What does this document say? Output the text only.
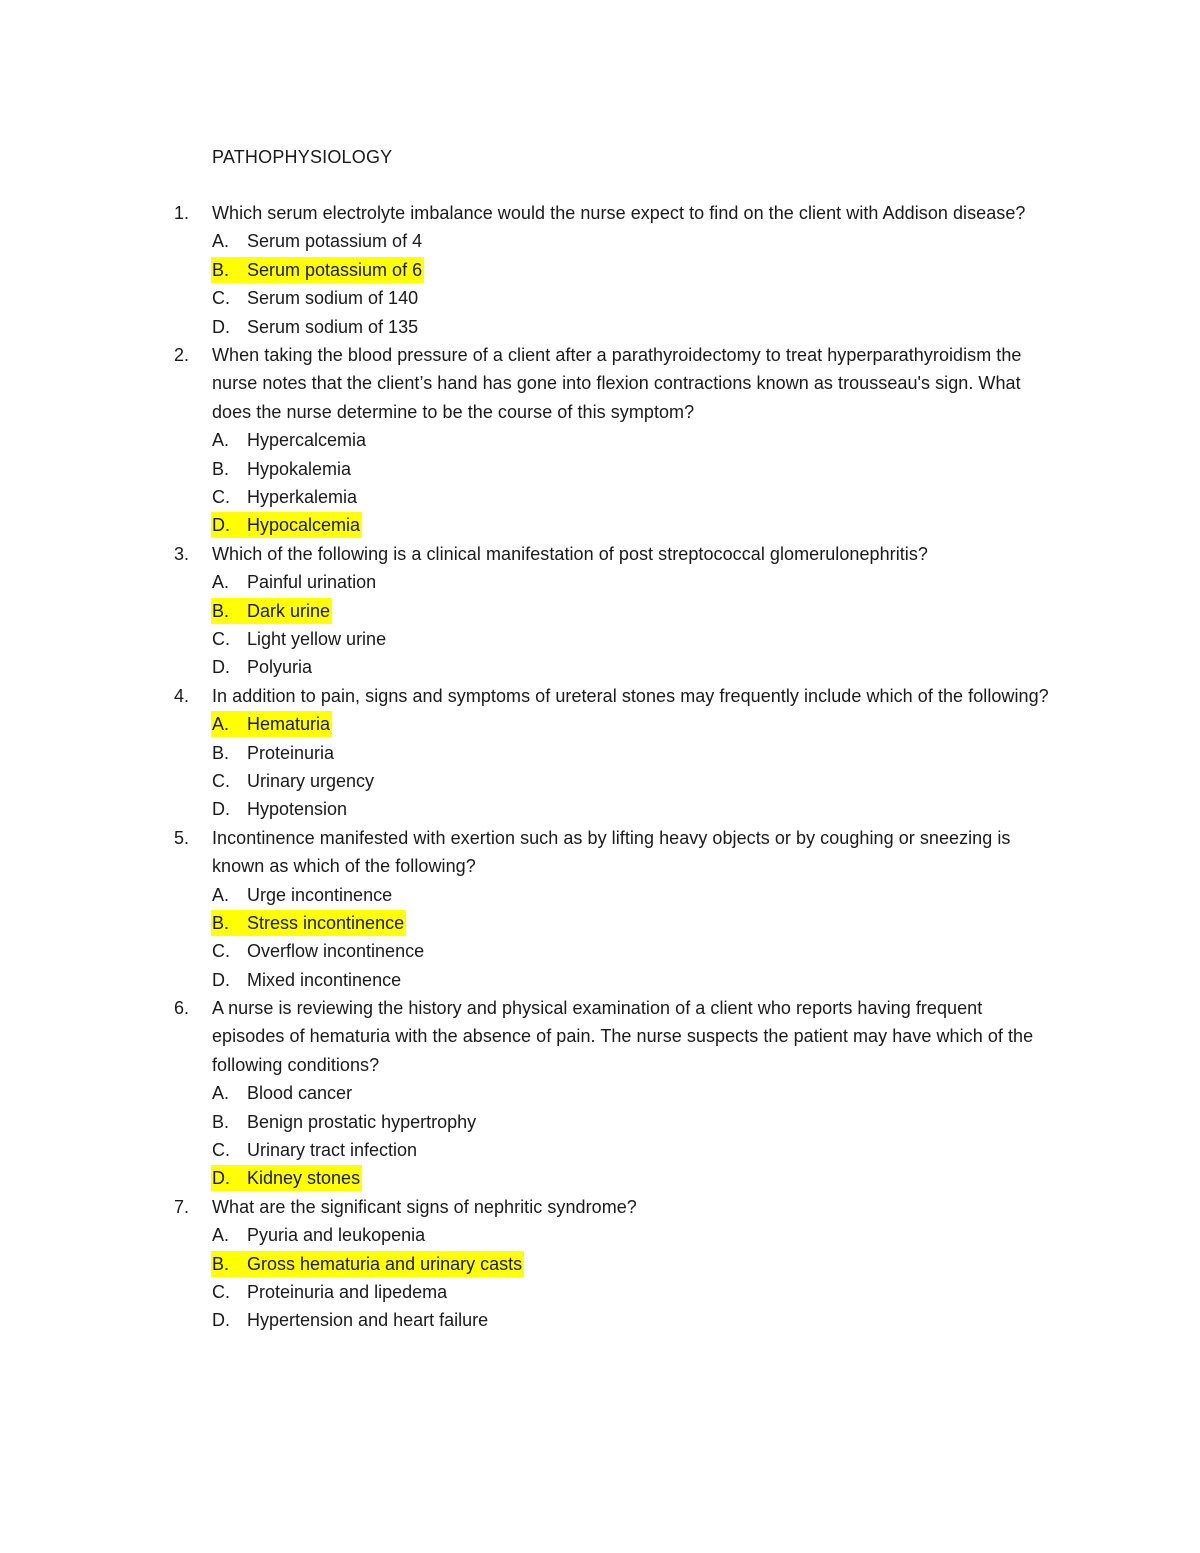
PATHOPHYSIOLOGY
1. Which serum electrolyte imbalance would the nurse expect to find on the client with Addison disease?
A. Serum potassium of 4
B. Serum potassium of 6
C. Serum sodium of 140
D. Serum sodium of 135
2. When taking the blood pressure of a client after a parathyroidectomy to treat hyperparathyroidism the nurse notes that the client’s hand has gone into flexion contractions known as trousseau's sign. What does the nurse determine to be the course of this symptom?
A. Hypercalcemia
B. Hypokalemia
C. Hyperkalemia
D. Hypocalcemia
3. Which of the following is a clinical manifestation of post streptococcal glomerulonephritis?
A. Painful urination
B. Dark urine
C. Light yellow urine
D. Polyuria
4. In addition to pain, signs and symptoms of ureteral stones may frequently include which of the following?
A. Hematuria
B. Proteinuria
C. Urinary urgency
D. Hypotension
5. Incontinence manifested with exertion such as by lifting heavy objects or by coughing or sneezing is known as which of the following?
A. Urge incontinence
B. Stress incontinence
C. Overflow incontinence
D. Mixed incontinence
6. A nurse is reviewing the history and physical examination of a client who reports having frequent episodes of hematuria with the absence of pain. The nurse suspects the patient may have which of the following conditions?
A. Blood cancer
B. Benign prostatic hypertrophy
C. Urinary tract infection
D. Kidney stones
7. What are the significant signs of nephritic syndrome?
A. Pyuria and leukopenia
B. Gross hematuria and urinary casts
C. Proteinuria and lipedema
D. Hypertension and heart failure
